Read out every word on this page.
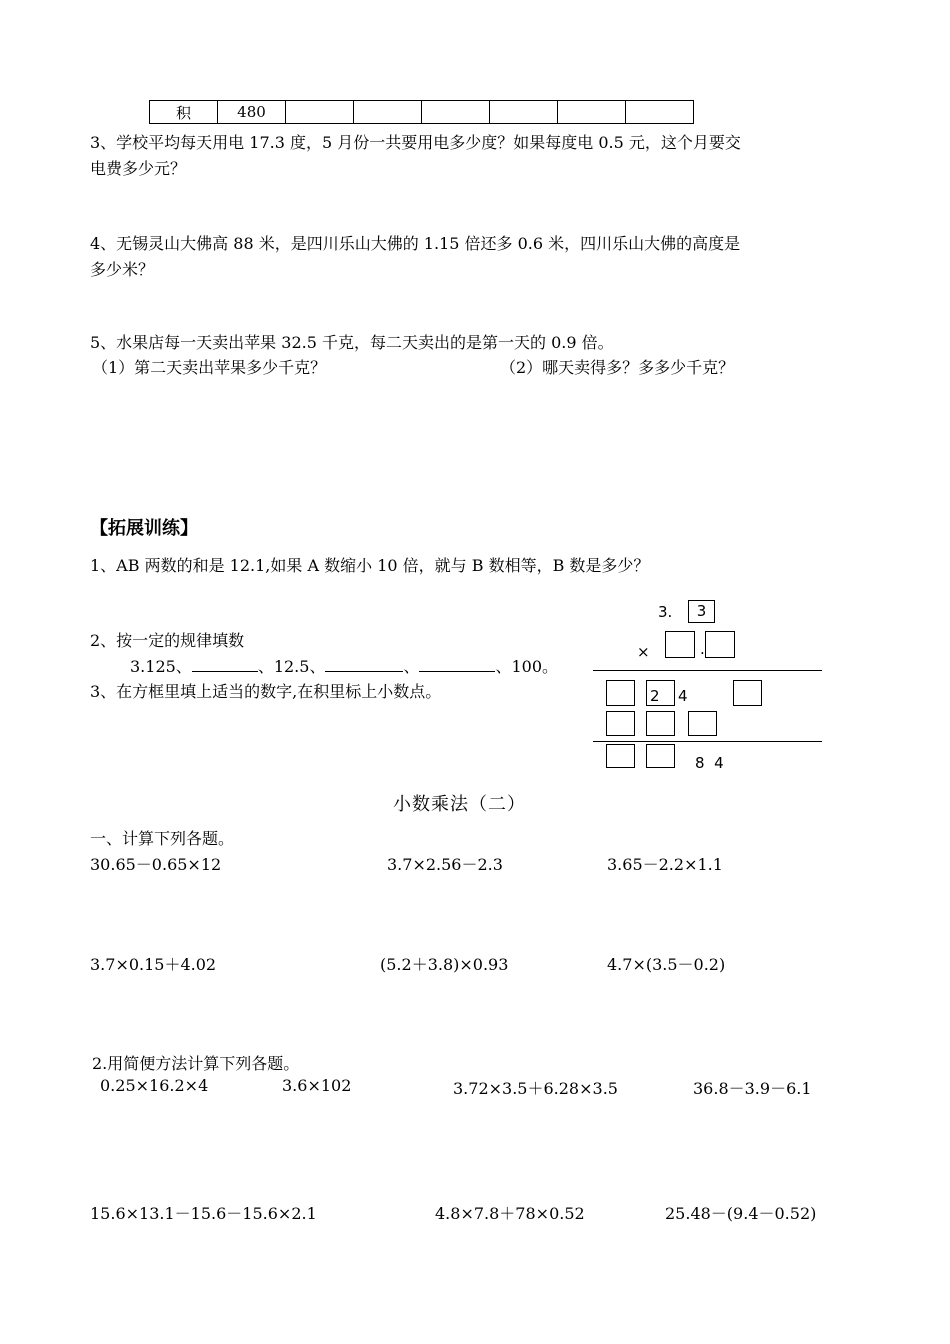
积	480						
3、学校平均每天用电 17.3 度，5 月份一共要用电多少度？如果每度电 0.5 元，这个月要交
电费多少元？
4、无锡灵山大佛高 88 米，是四川乐山大佛的 1.15 倍还多 0.6 米，四川乐山大佛的高度是
多少米？
5、水果店每一天卖出苹果 32.5 千克，每二天卖出的是第一天的 0.9 倍。
（1）第二天卖出苹果多少千克？	（2）哪天卖得多？多多少千克？
【拓展训练】
1、AB 两数的和是 12.1,如果 A 数缩小 10 倍，就与 B 数相等，B 数是多少？
2、按一定的规律填数
3.125、	、12.5、	、	、100。
3、在方框里填上适当的数字,在积里标上小数点。
3.	3
×	.
2 4
8  4
小数乘法（二）
一、计算下列各题。
30.65－0.65×12	3.7×2.56－2.3	3.65－2.2×1.1
3.7×0.15＋4.02	(5.2＋3.8)×0.93	4.7×(3.5－0.2)
2.用简便方法计算下列各题。
0.25×16.2×4	3.6×102	3.72×3.5＋6.28×3.5	36.8－3.9－6.1
15.6×13.1－15.6－15.6×2.1	4.8×7.8＋78×0.52	25.48－(9.4－0.52)
